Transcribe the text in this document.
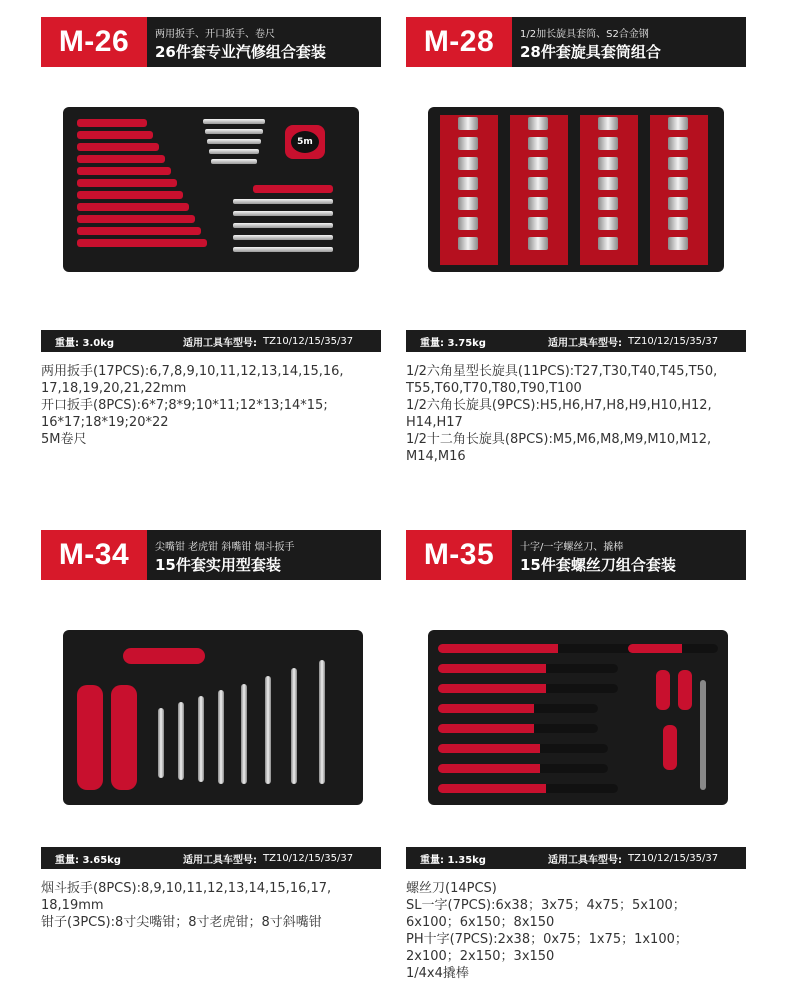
M-26	两用扳手、开口扳手、卷尺
26件套专业汽修组合套装
5m
重量: 3.0kg	适用工具车型号: TZ10/12/15/35/37
两用扳手(17PCS):6,7,8,9,10,11,12,13,14,15,16,
17,18,19,20,21,22mm
开口扳手(8PCS):6*7;8*9;10*11;12*13;14*15;
16*17;18*19;20*22
5M卷尺
M-28	1/2加长旋具套筒、S2合金钢
28件套旋具套筒组合
重量: 3.75kg	适用工具车型号: TZ10/12/15/35/37
1/2六角星型长旋具(11PCS):T27,T30,T40,T45,T50,
T55,T60,T70,T80,T90,T100
1/2六角长旋具(9PCS):H5,H6,H7,H8,H9,H10,H12,
H14,H17
1/2十二角长旋具(8PCS):M5,M6,M8,M9,M10,M12,
M14,M16
M-34	尖嘴钳 老虎钳 斜嘴钳 烟斗扳手
15件套实用型套装
重量: 3.65kg	适用工具车型号: TZ10/12/15/35/37
烟斗扳手(8PCS):8,9,10,11,12,13,14,15,16,17,
18,19mm
钳子(3PCS):8寸尖嘴钳；8寸老虎钳；8寸斜嘴钳
M-35	十字/一字螺丝刀、撬棒
15件套螺丝刀组合套装
重量: 1.35kg	适用工具车型号: TZ10/12/15/35/37
螺丝刀(14PCS)
SL一字(7PCS):6x38；3x75；4x75；5x100；
6x100；6x150；8x150
PH十字(7PCS):2x38；0x75；1x75；1x100；
2x100；2x150；3x150
1/4x4撬棒
